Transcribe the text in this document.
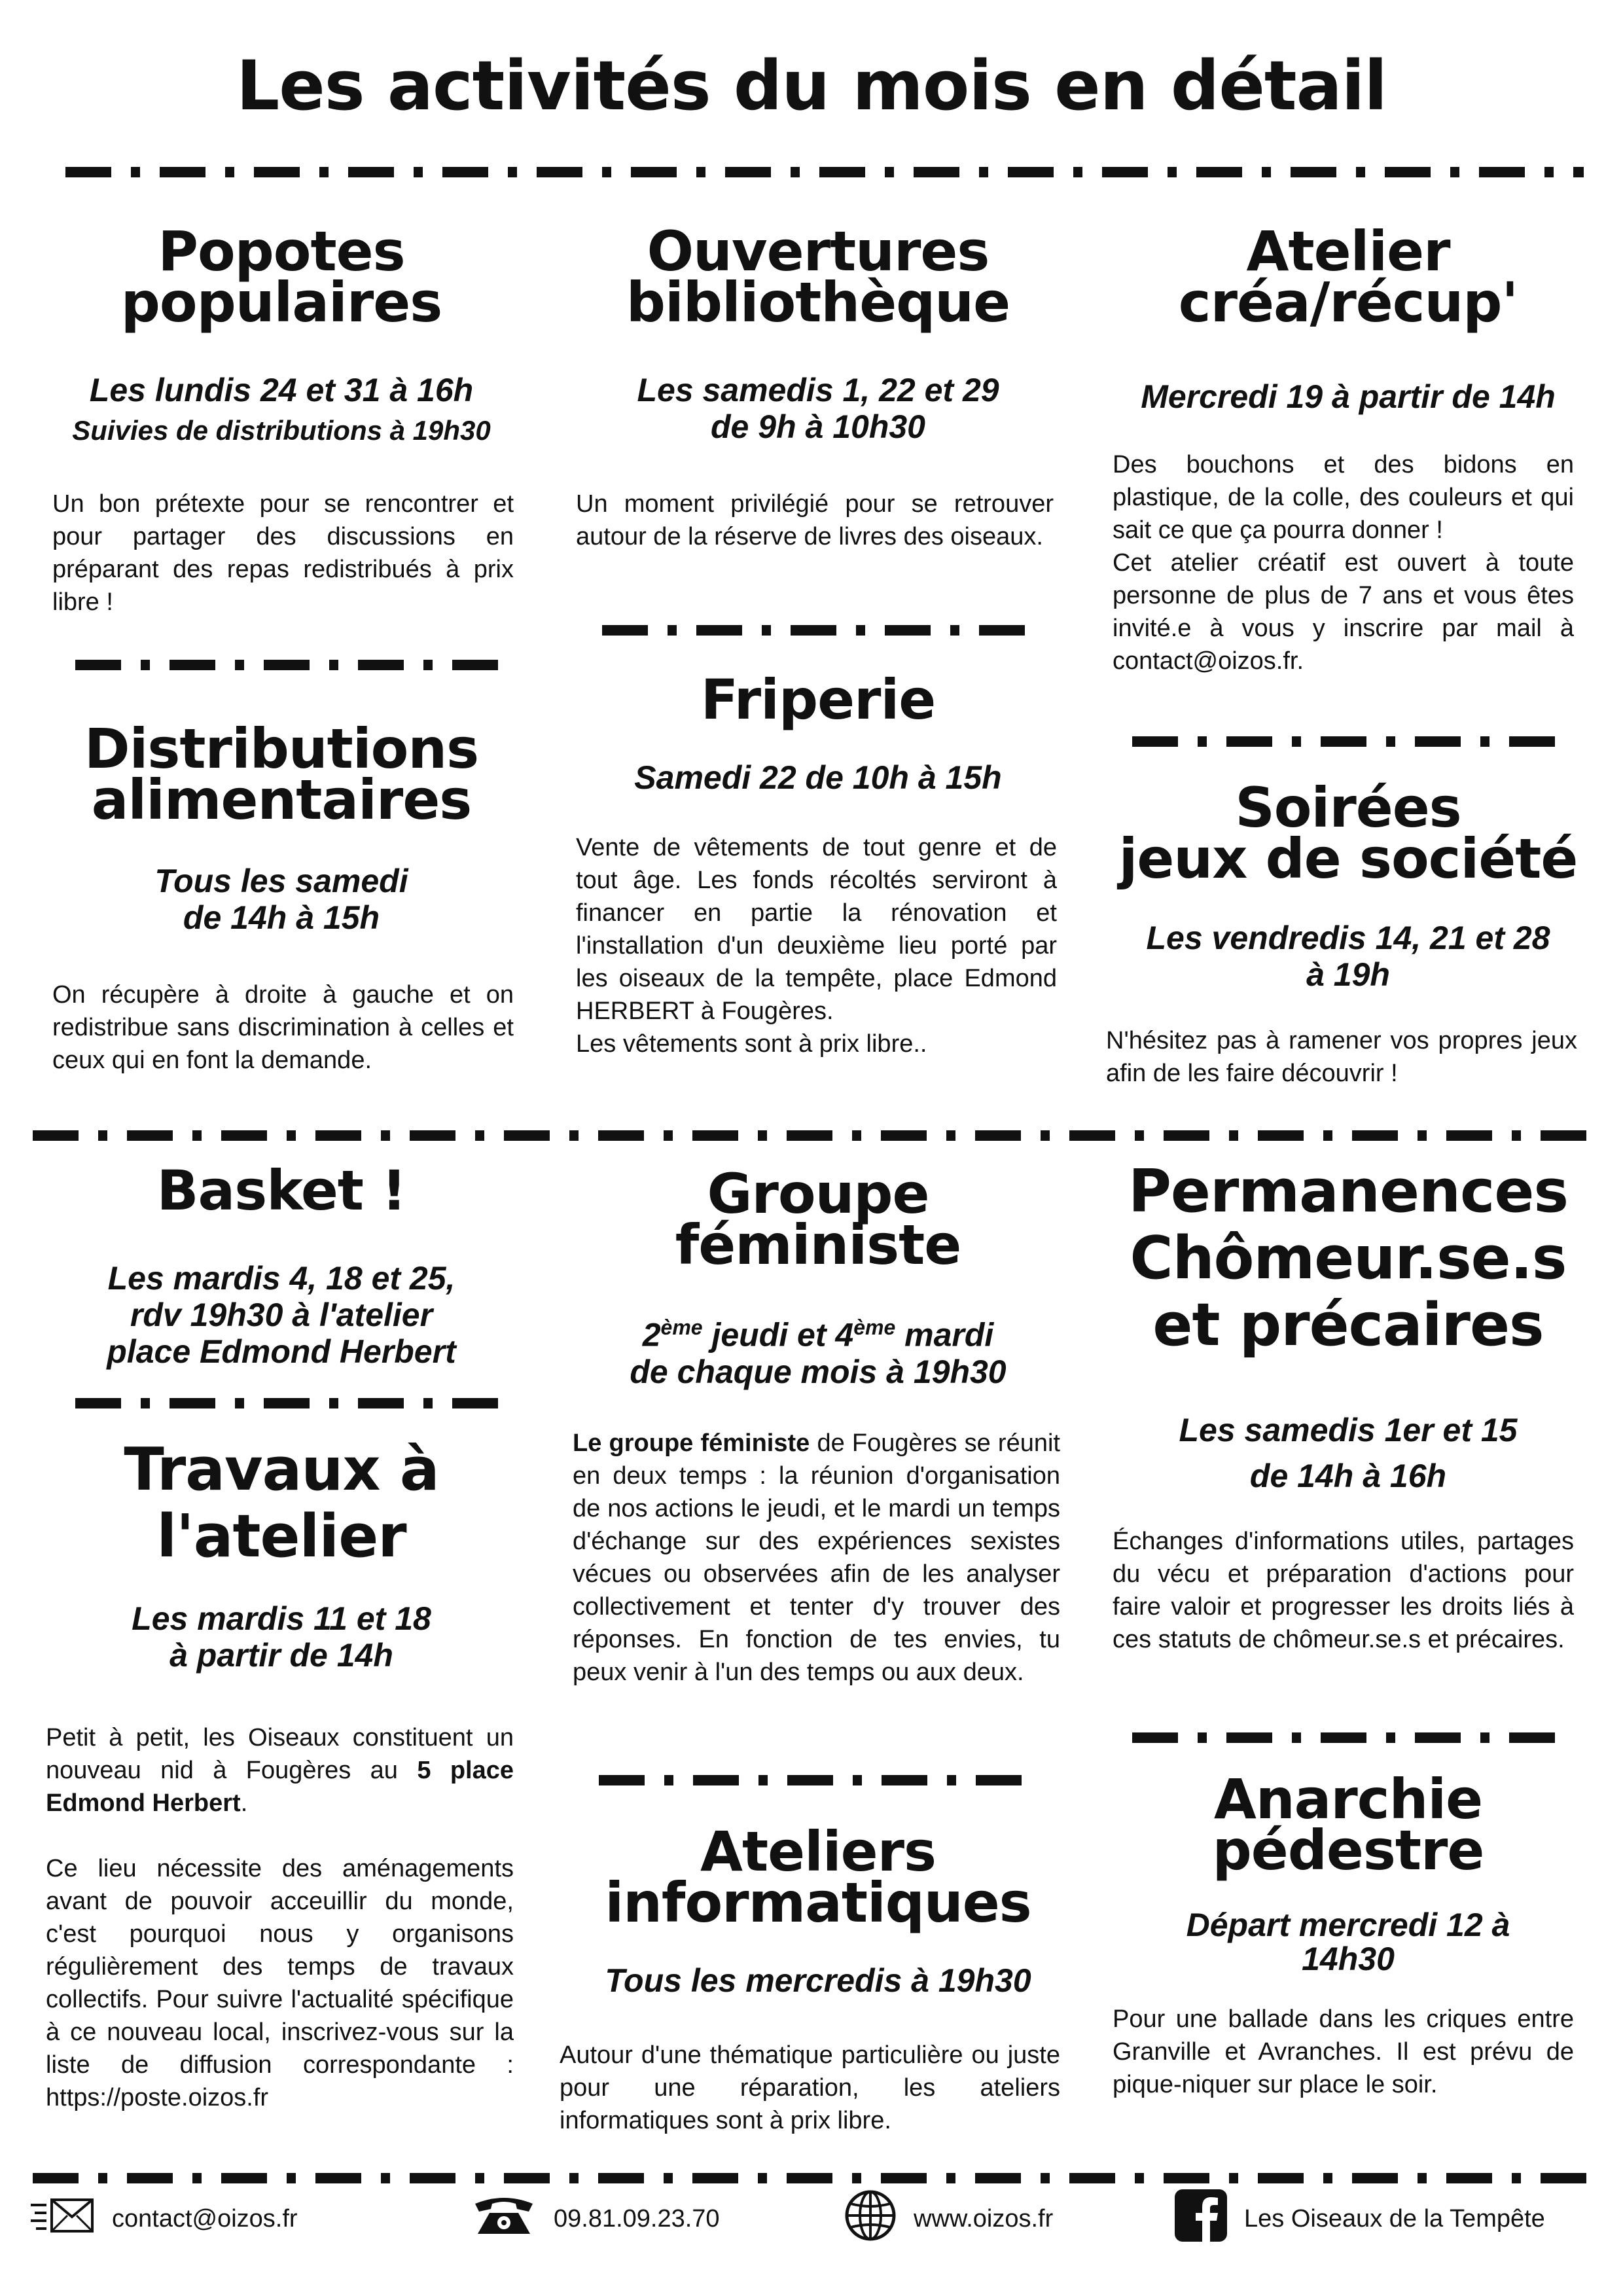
Les activités du mois en détail
Popotes
populaires
Les lundis 24 et 31 à 16h
Suivies de distributions à 19h30
Un bon prétexte pour se rencontrer et pour partager des discussions en préparant des repas redistribués à prix libre !
Distributions
alimentaires
Tous les samedi
de 14h à 15h
On récupère à droite à gauche et on redistribue sans discrimination à celles et ceux qui en font la demande.
Ouvertures
bibliothèque
Les samedis 1, 22 et 29
de 9h à 10h30
Un moment privilégié pour se retrouver autour de la réserve de livres des oiseaux.
Friperie
Samedi 22 de 10h à 15h
Vente de vêtements de tout genre et de tout âge. Les fonds récoltés serviront à financer en partie la rénovation et l'installation d'un deuxième lieu porté par les oiseaux de la tempête, place Edmond HERBERT à Fougères.
Les vêtements sont à prix libre..
Atelier
créa/récup'
Mercredi 19 à partir de 14h
Des bouchons et des bidons en plastique, de la colle, des couleurs et qui sait ce que ça pourra donner !
Cet atelier créatif est ouvert à toute personne de plus de 7 ans et vous êtes invité.e à vous y inscrire par mail à contact@oizos.fr.
Soirées
jeux de société
Les vendredis 14, 21 et 28
à 19h
N'hésitez pas à ramener vos propres jeux afin de les faire découvrir !
Basket !
Les mardis 4, 18 et 25,
rdv 19h30 à l'atelier
place Edmond Herbert
Travaux à
l'atelier
Les mardis 11 et 18
à partir de 14h
Petit à petit, les Oiseaux constituent un nouveau nid à Fougères au 5 place Edmond Herbert.
Ce lieu nécessite des aménagements avant de pouvoir acceuillir du monde, c'est pourquoi nous y organisons régulièrement des temps de travaux collectifs. Pour suivre l'actualité spécifique à ce nouveau local, inscrivez-vous sur la liste de diffusion correspondante : https://poste.oizos.fr
Groupe
féministe
2ème jeudi et 4ème mardi
de chaque mois à 19h30
Le groupe féministe de Fougères se réunit en deux temps : la réunion d'organisation de nos actions le jeudi, et le mardi un temps d'échange sur des expériences sexistes vécues ou observées afin de les analyser collectivement et tenter d'y trouver des réponses. En fonction de tes envies, tu peux venir à l'un des temps ou aux deux.
Ateliers
informatiques
Tous les mercredis à 19h30
Autour d'une thématique particulière ou juste pour une réparation, les ateliers informatiques sont à prix libre.
Permanences
Chômeur.se.s
et précaires
Les samedis 1er et 15
de 14h à 16h
Échanges d'informations utiles, partages du vécu et préparation d'actions pour faire valoir et progresser les droits liés à ces statuts de chômeur.se.s et précaires.
Anarchie
pédestre
Départ mercredi 12 à
14h30
Pour une ballade dans les criques entre Granville et Avranches. Il est prévu de pique-niquer sur place le soir.
contact@oizos.fr	09.81.09.23.70	www.oizos.fr	Les Oiseaux de la Tempête
